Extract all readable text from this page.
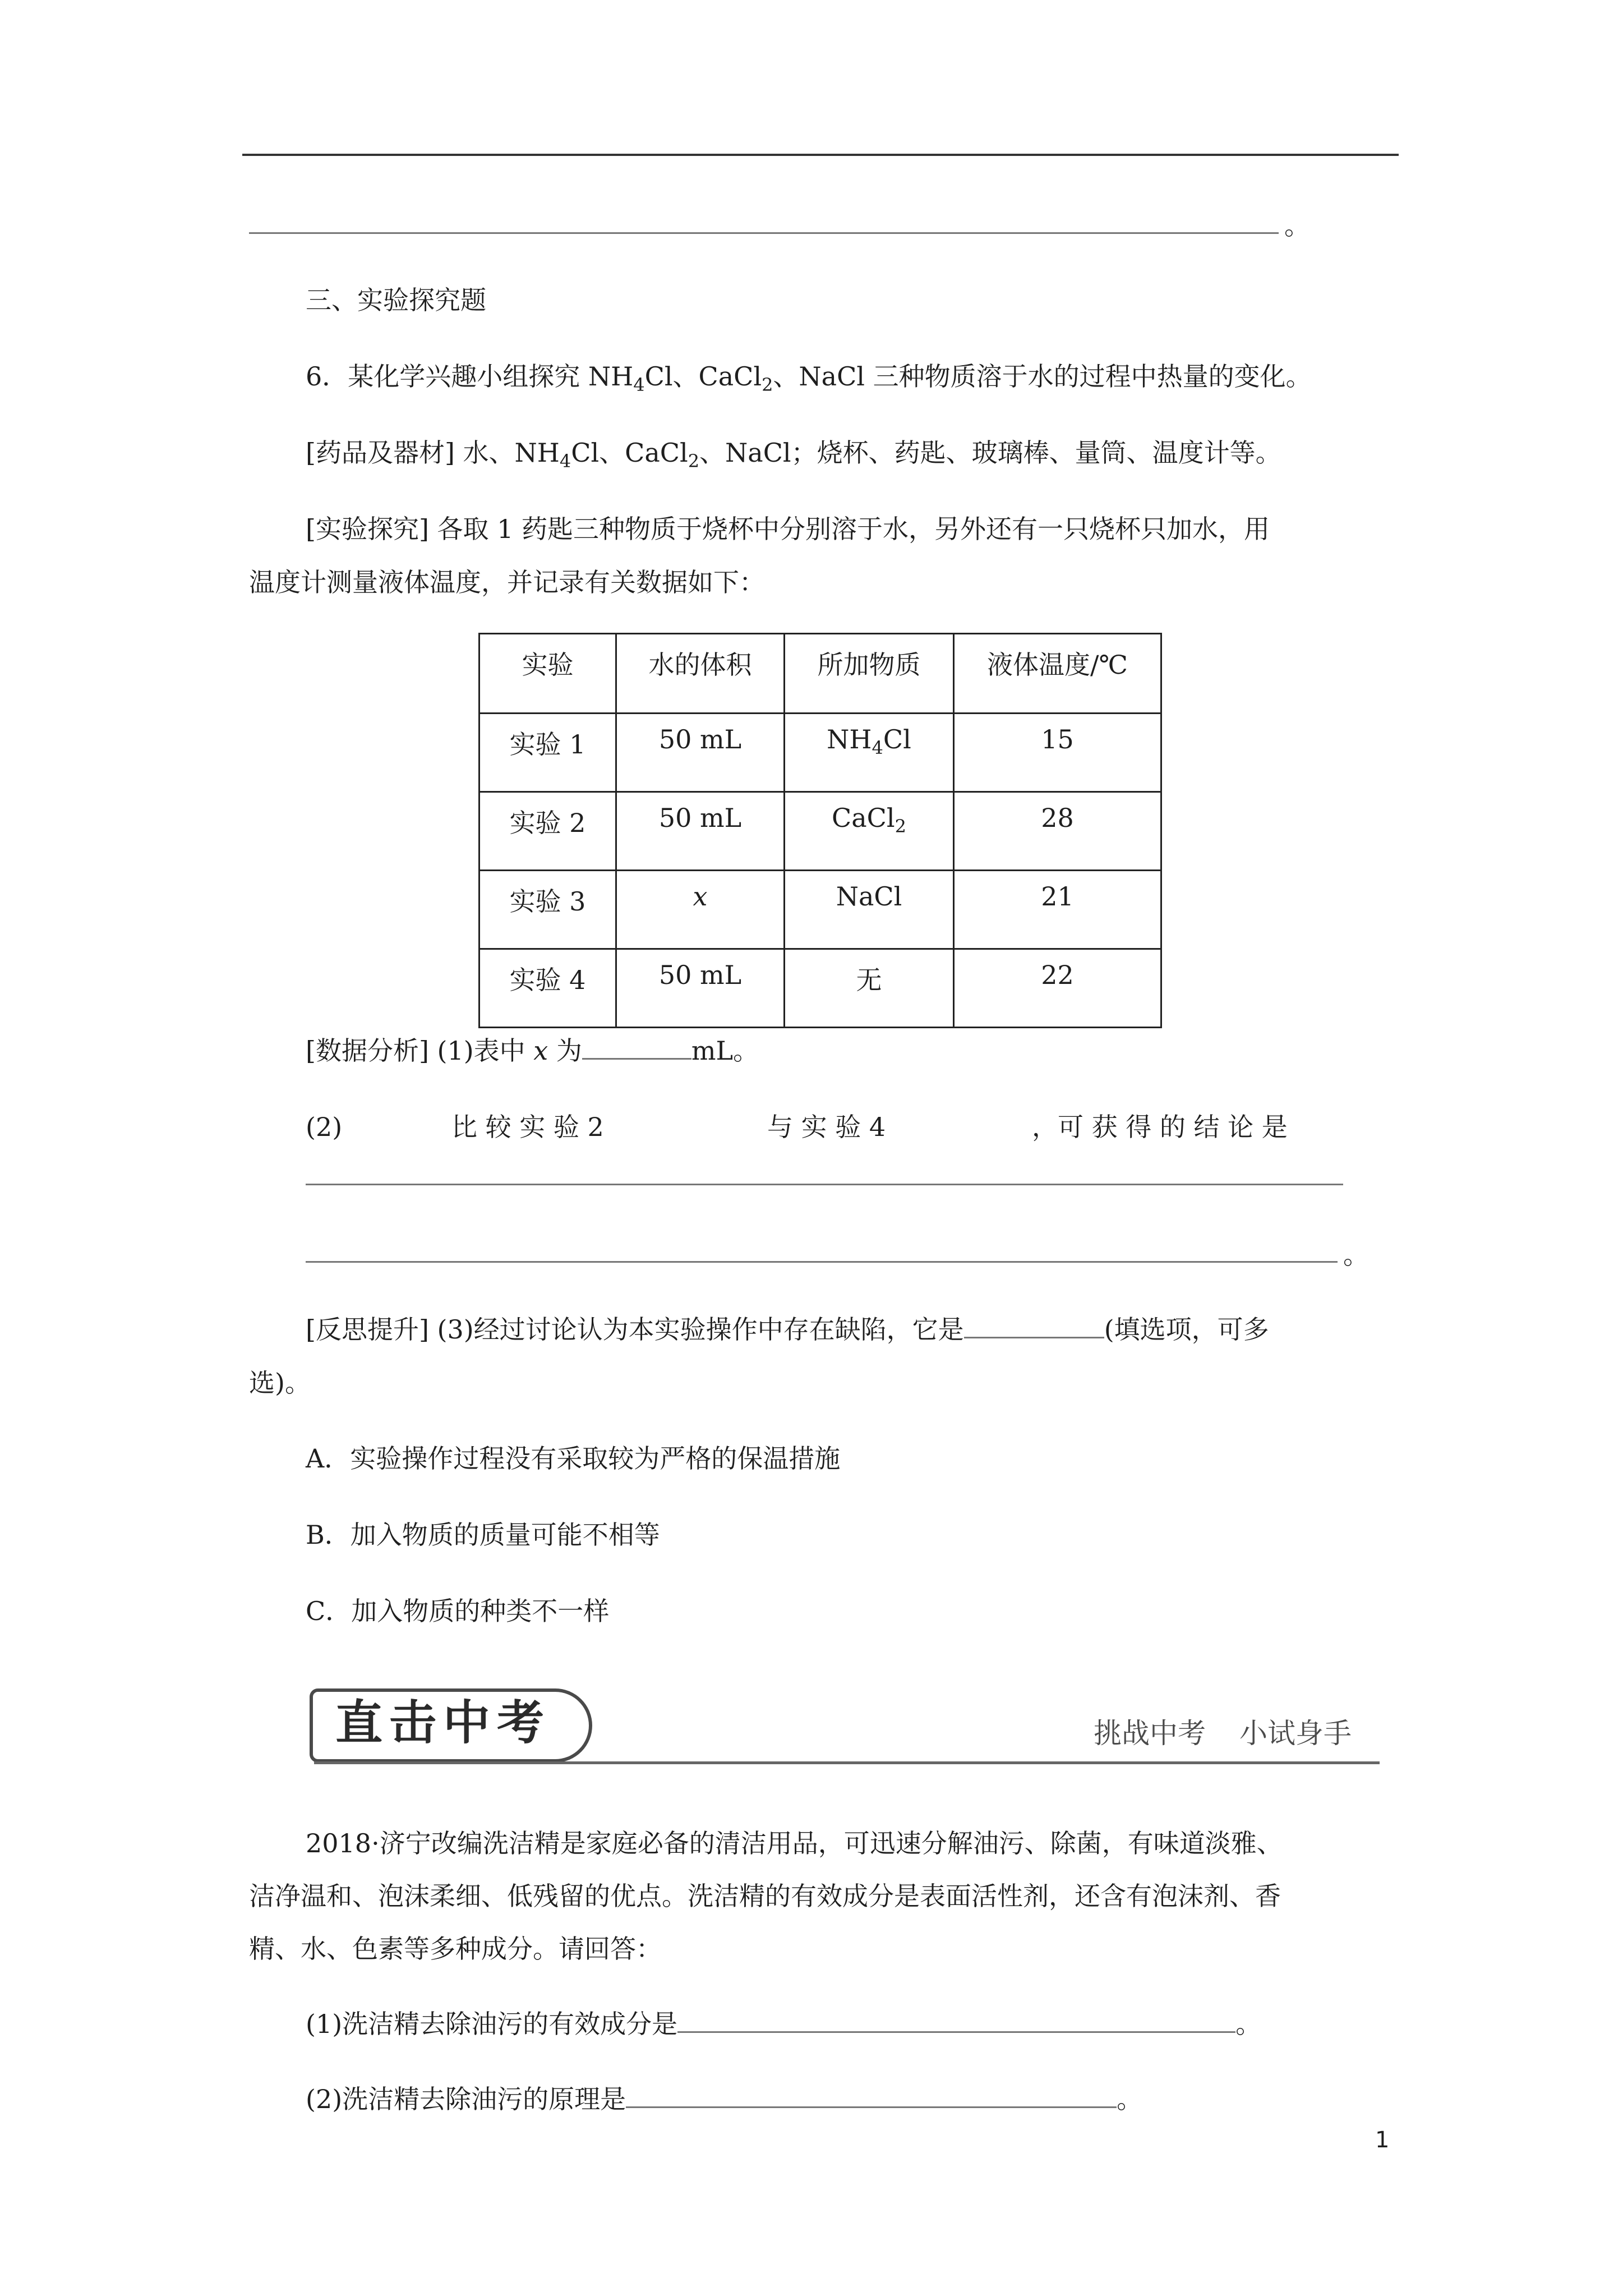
。
三、实验探究题
6．某化学兴趣小组探究 $NH_4Cl$、CaCl$_2$、NaCl 三种物质溶于水的过程中热量的变化。
[药品及器材] 水、$NH_4Cl$、CaCl$_2$、NaCl；烧杯、药匙、玻璃棒、量筒、温度计等。
[实验探究] 各取 1 药匙三种物质于烧杯中分别溶于水，另外还有一只烧杯只加水，用
温度计测量液体温度，并记录有关数据如下：
实验	水的体积	所加物质	液体温度/℃
实验 1	50 mL	$NH_4Cl$	15
实验 2	50 mL	CaCl$_2$	28
实验 3	x	NaCl	21
实验 4	50 mL	无	22
[数据分析] (1)表中 x 为	mL。
(2)	比 较 实 验 2	与 实 验 4	，可 获 得 的 结 论 是
。
[反思提升] (3)经过讨论认为本实验操作中存在缺陷，它是	(填选项，可多
选)。
A．实验操作过程没有采取较为严格的保温措施
B．加入物质的质量可能不相等
C．加入物质的种类不一样
直击中考	挑战中考 小试身手
2018·济宁改编洗洁精是家庭必备的清洁用品，可迅速分解油污、除菌，有味道淡雅、
洁净温和、泡沫柔细、低残留的优点。洗洁精的有效成分是表面活性剂，还含有泡沫剂、香
精、水、色素等多种成分。请回答：
(1)洗洁精去除油污的有效成分是	。
(2)洗洁精去除油污的原理是	。
1
